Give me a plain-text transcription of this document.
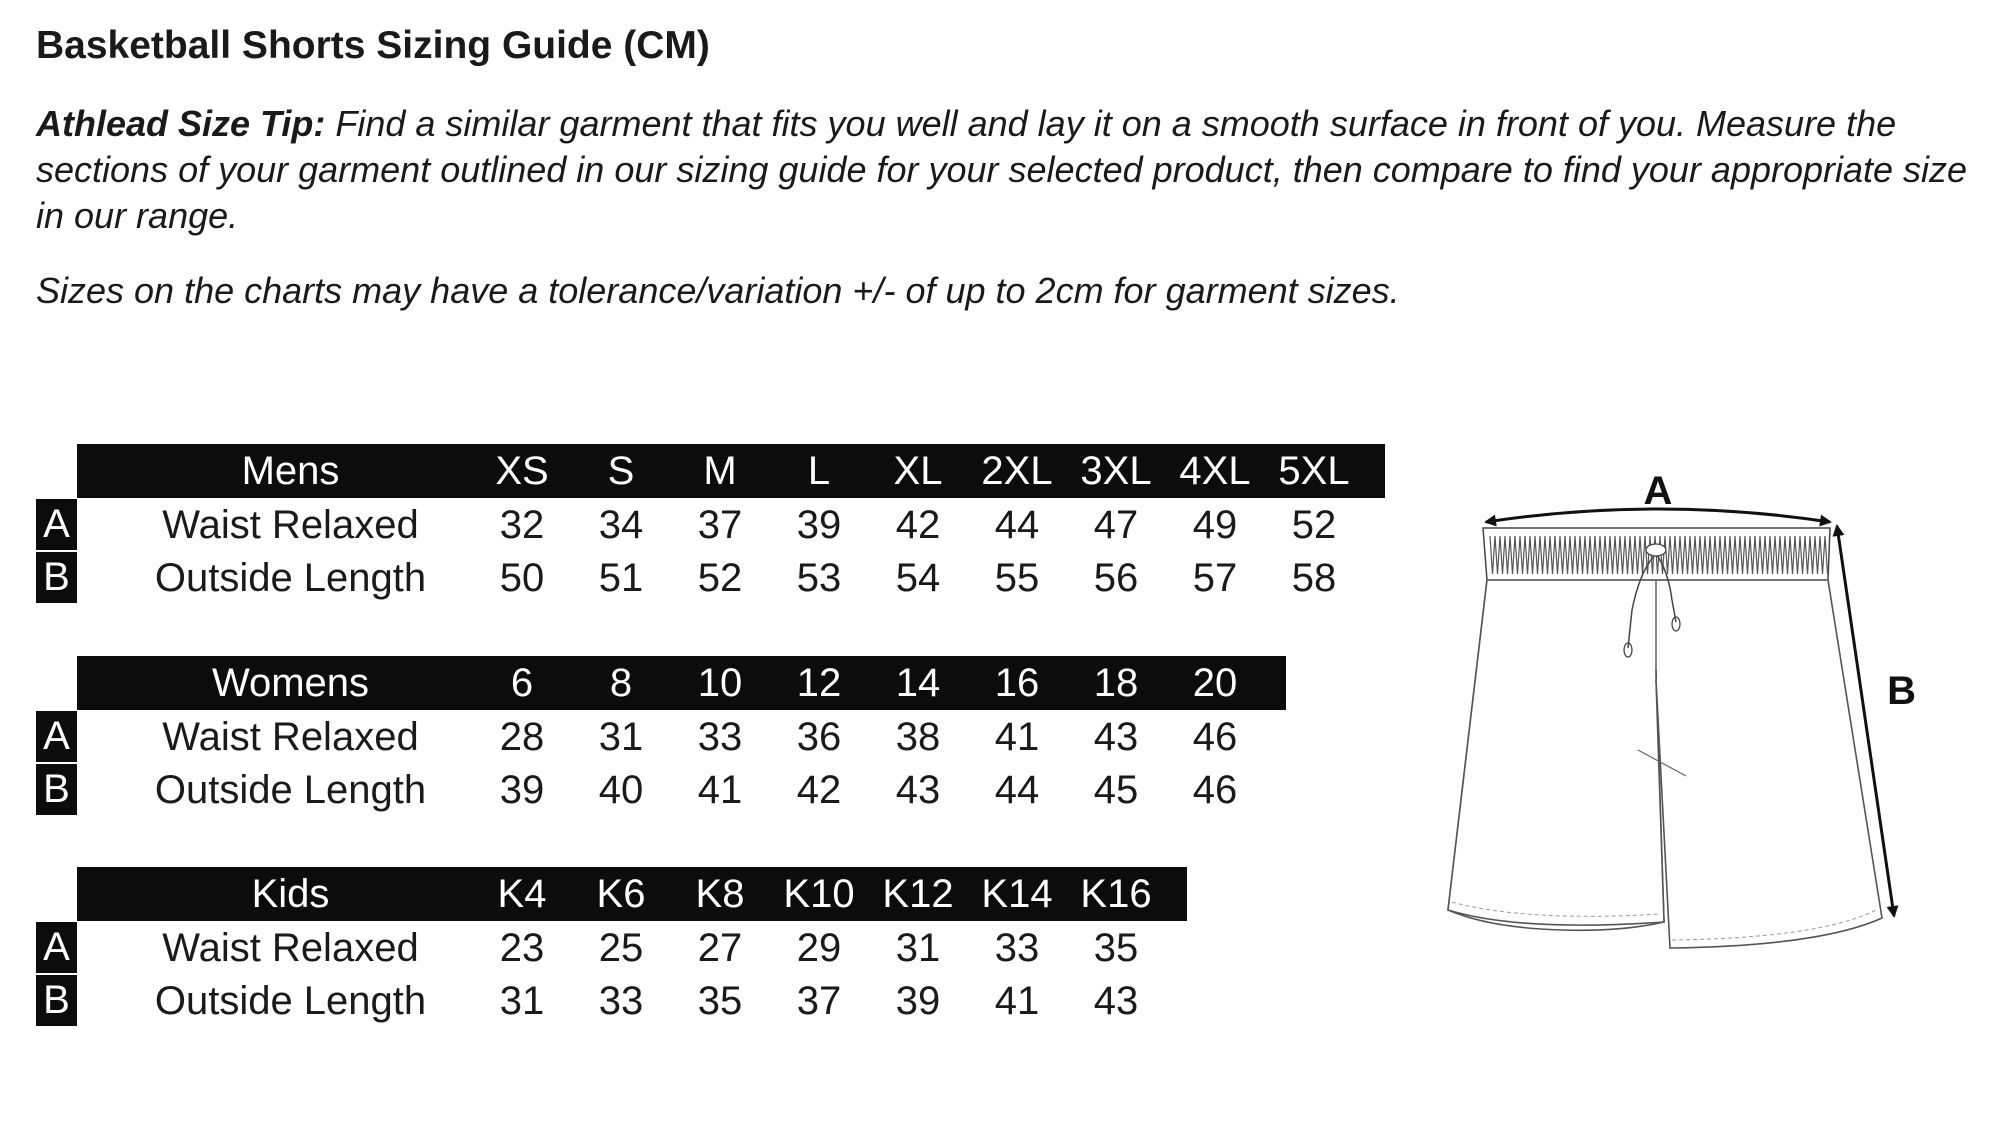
Basketball Shorts Sizing Guide (CM)

Athlead Size Tip: Find a similar garment that fits you well and lay it on a smooth surface in front of you. Measure the sections of your garment outlined in our sizing guide for your selected product, then compare to find your appropriate size in our range.

Sizes on the charts may have a tolerance/variation +/- of up to 2cm for garment sizes.

Mens	XS	S	M	L	XL 2XL 3XL 4XL 5XL
A	Waist Relaxed	32	34	37	39	42	44	47	49	52
B	Outside Length	50	51	52	53	54	55	56	57	58
Womens	6	8	10	12	14	16	18	20
A	Waist Relaxed	28	31	33	36	38	41	43	46
B	Outside Length	39	40	41	42	43	44	45	46
Kids	K4	K6	K8 K10 K12 K14 K16
A	Waist Relaxed	23	25	27	29	31	33	35
B	Outside Length	31	33	35	37	39	41	43
A
B
